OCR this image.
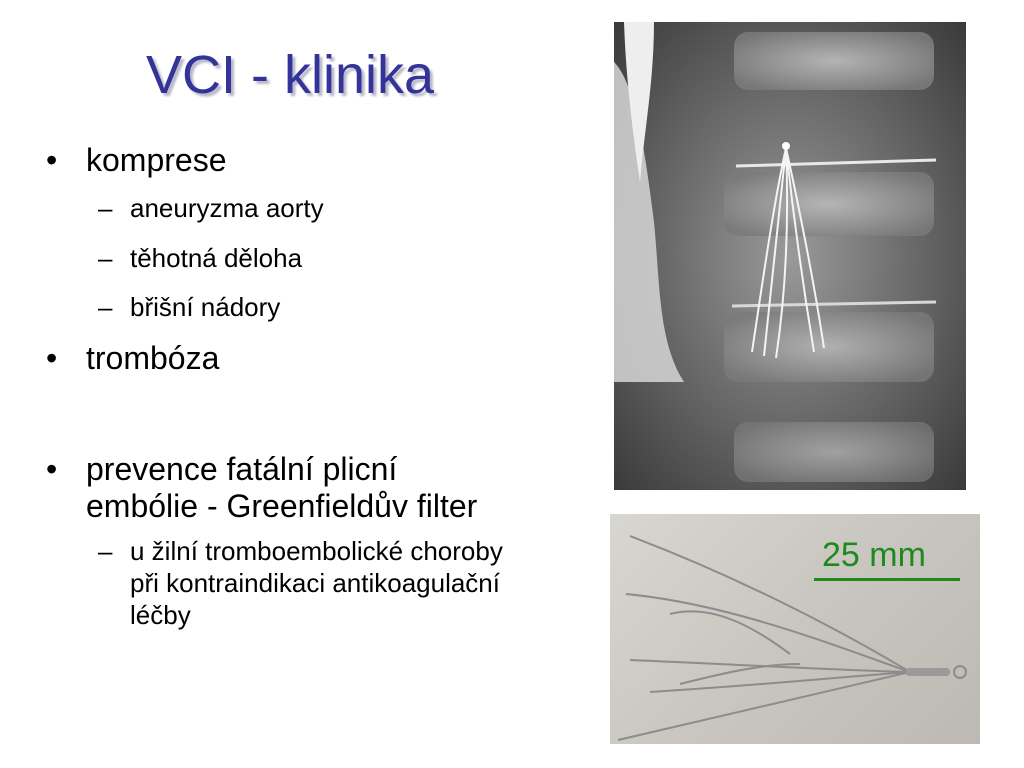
VCI - klinika
• komprese
– aneuryzma aorty
– těhotná děloha
– břišní nádory
• trombóza
• prevence fatální plicní embólie - Greenfieldův filter
– u žilní tromboembolické choroby při kontraindikaci antikoagulační léčby
25 mm
